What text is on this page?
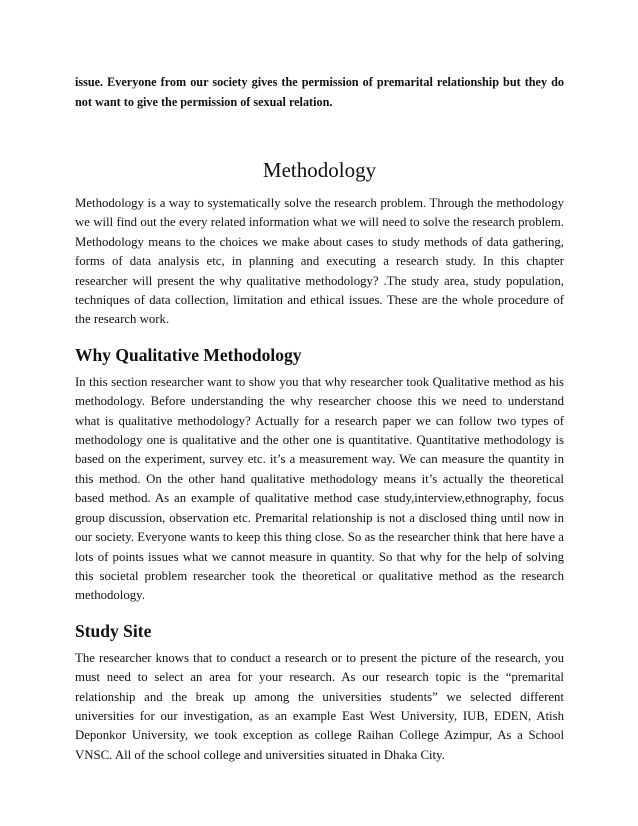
issue. Everyone from our society gives the permission of premarital relationship but they do not want to give the permission of sexual relation.

Methodology

Methodology is a way to systematically solve the research problem. Through the methodology we will find out the every related information what we will need to solve the research problem. Methodology means to the choices we make about cases to study methods of data gathering, forms of data analysis etc, in planning and executing a research study. In this chapter researcher will present the why qualitative methodology? .The study area, study population, techniques of data collection, limitation and ethical issues. These are the whole procedure of the research work.

Why Qualitative Methodology

In this section researcher want to show you that why researcher took Qualitative method as his methodology. Before understanding the why researcher choose this we need to understand what is qualitative methodology? Actually for a research paper we can follow two types of methodology one is qualitative and the other one is quantitative. Quantitative methodology is based on the experiment, survey etc. it’s a measurement way. We can measure the quantity in this method. On the other hand qualitative methodology means it’s actually the theoretical based method. As an example of qualitative method case study,interview,ethnography, focus group discussion, observation etc. Premarital relationship is not a disclosed thing until now in our society. Everyone wants to keep this thing close. So as the researcher think that here have a lots of points issues what we cannot measure in quantity. So that why for the help of solving this societal problem researcher took the theoretical or qualitative method as the research methodology.

Study Site

The researcher knows that to conduct a research or to present the picture of the research, you must need to select an area for your research. As our research topic is the “premarital relationship and the break up among the universities students” we selected different universities for our investigation, as an example East West University, IUB, EDEN, Atish Deponkor University, we took exception as college Raihan College Azimpur, As a School VNSC. All of the school college and universities situated in Dhaka City.
